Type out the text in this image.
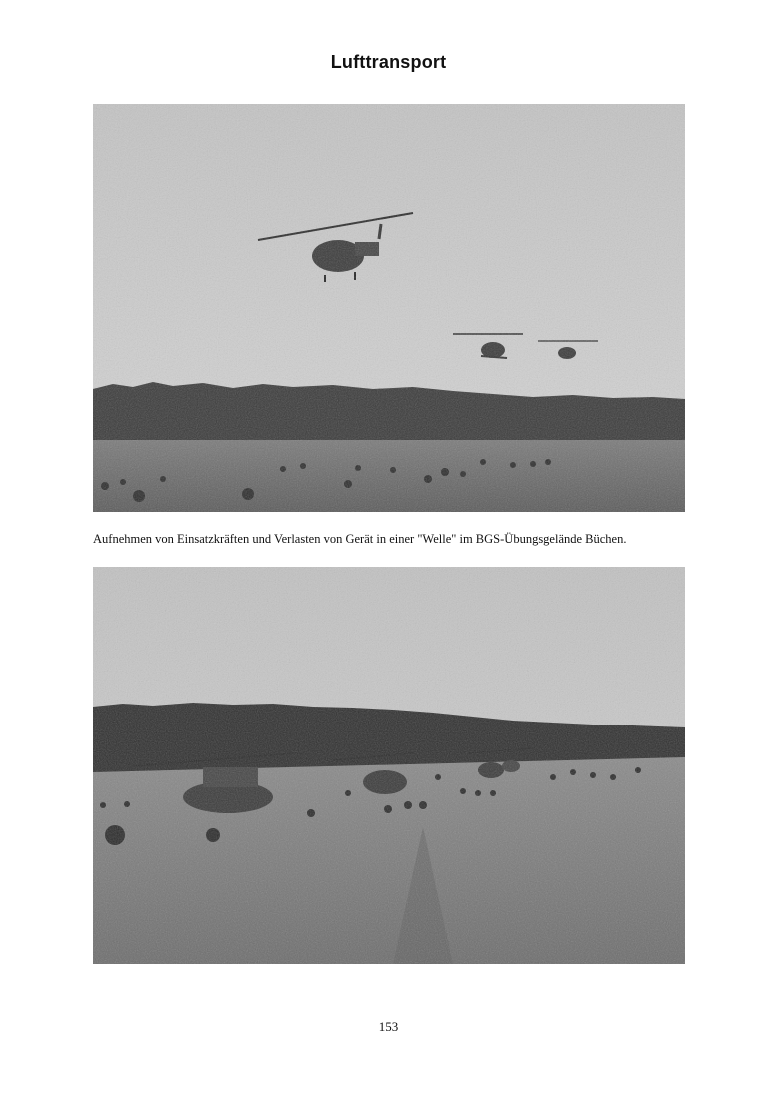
Lufttransport
Aufnehmen von Einsatzkräften und Verlasten von Gerät in einer "Welle" im BGS-Übungsgelände Büchen.
153
